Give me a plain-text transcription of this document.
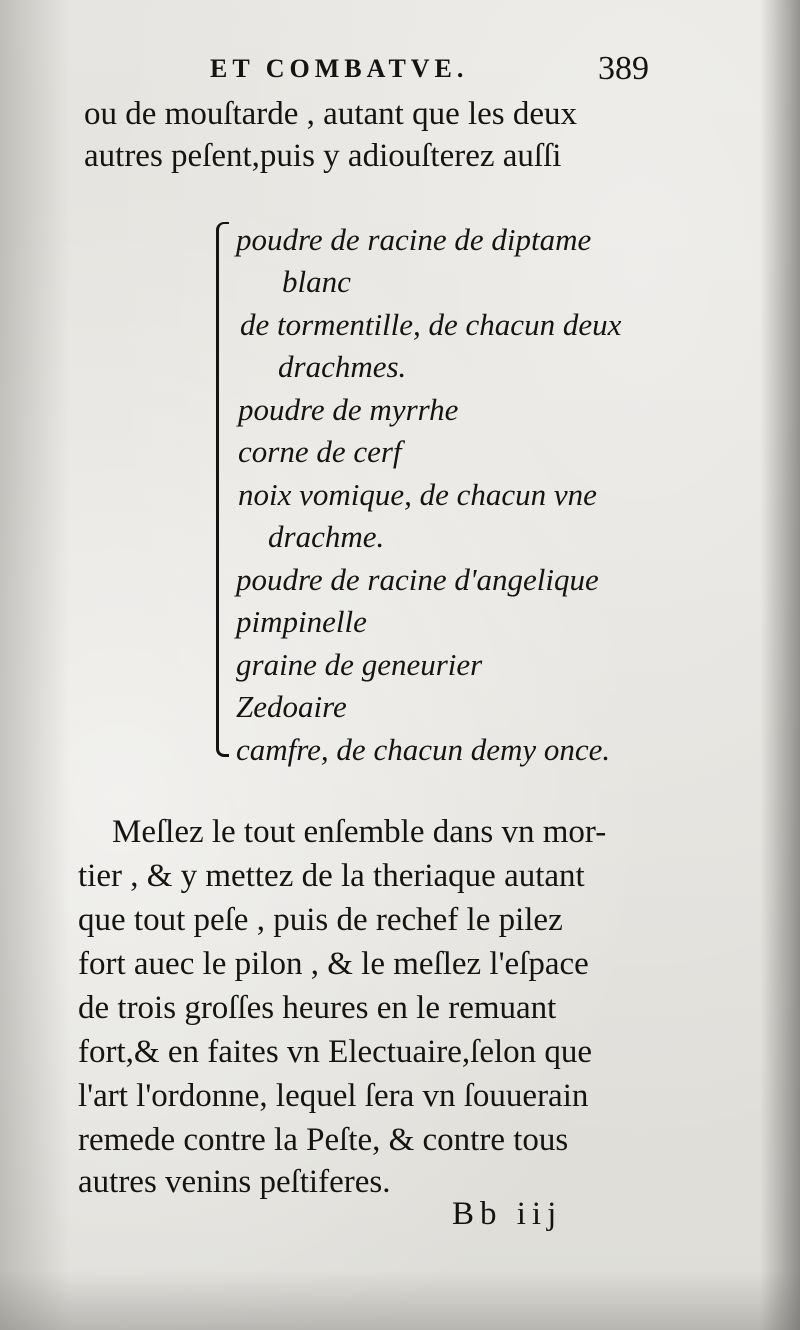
ET COMBATVE.	389
ou de mouſtarde , autant que les deux
autres peſent,puis y adiouſterez auſſi
poudre de racine de diptame
blanc
de tormentille, de chacun deux
drachmes.
poudre de myrrhe
corne de cerf
noix vomique, de chacun vne
drachme.
poudre de racine d'angelique
pimpinelle
graine de geneurier
Zedoaire
camfre, de chacun demy once.
Meſlez le tout enſemble dans vn mor-
tier , & y mettez de la theriaque autant
que tout peſe , puis de rechef le pilez
fort auec le pilon , & le meſlez l'eſpace
de trois groſſes heures en le remuant
fort,& en faites vn Electuaire,ſelon que
l'art l'ordonne, lequel ſera vn ſouuerain
remede contre la Peſte, & contre tous
autres venins peſtiferes.
Bb iij
